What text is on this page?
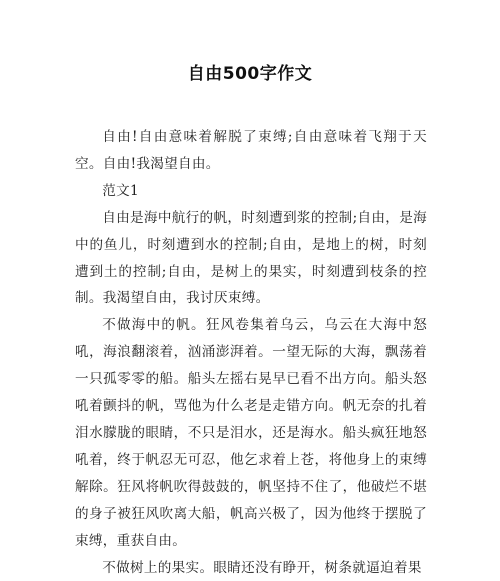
自由500字作文

自由!自由意味着解脱了束缚;自由意味着飞翔于天空。自由!我渴望自由。

范文1

自由是海中航行的帆，时刻遭到浆的控制;自由，是海中的鱼儿，时刻遭到水的控制;自由，是地上的树，时刻遭到土的控制;自由，是树上的果实，时刻遭到枝条的控制。我渴望自由，我讨厌束缚。

不做海中的帆。狂风卷集着乌云，乌云在大海中怒吼，海浪翻滚着，汹涌澎湃着。一望无际的大海，飘荡着一只孤零零的船。船头左摇右晃早已看不出方向。船头怒吼着颤抖的帆，骂他为什么老是走错方向。帆无奈的扎着泪水朦胧的眼睛，不只是泪水，还是海水。船头疯狂地怒吼着，终于帆忍无可忍，他乞求着上苍，将他身上的束缚解除。狂风将帆吹得鼓鼓的，帆坚持不住了，他破烂不堪的身子被狂风吹离大船，帆高兴极了，因为他终于摆脱了束缚，重获自由。

不做树上的果实。眼睛还没有睁开，树条就逼迫着果
